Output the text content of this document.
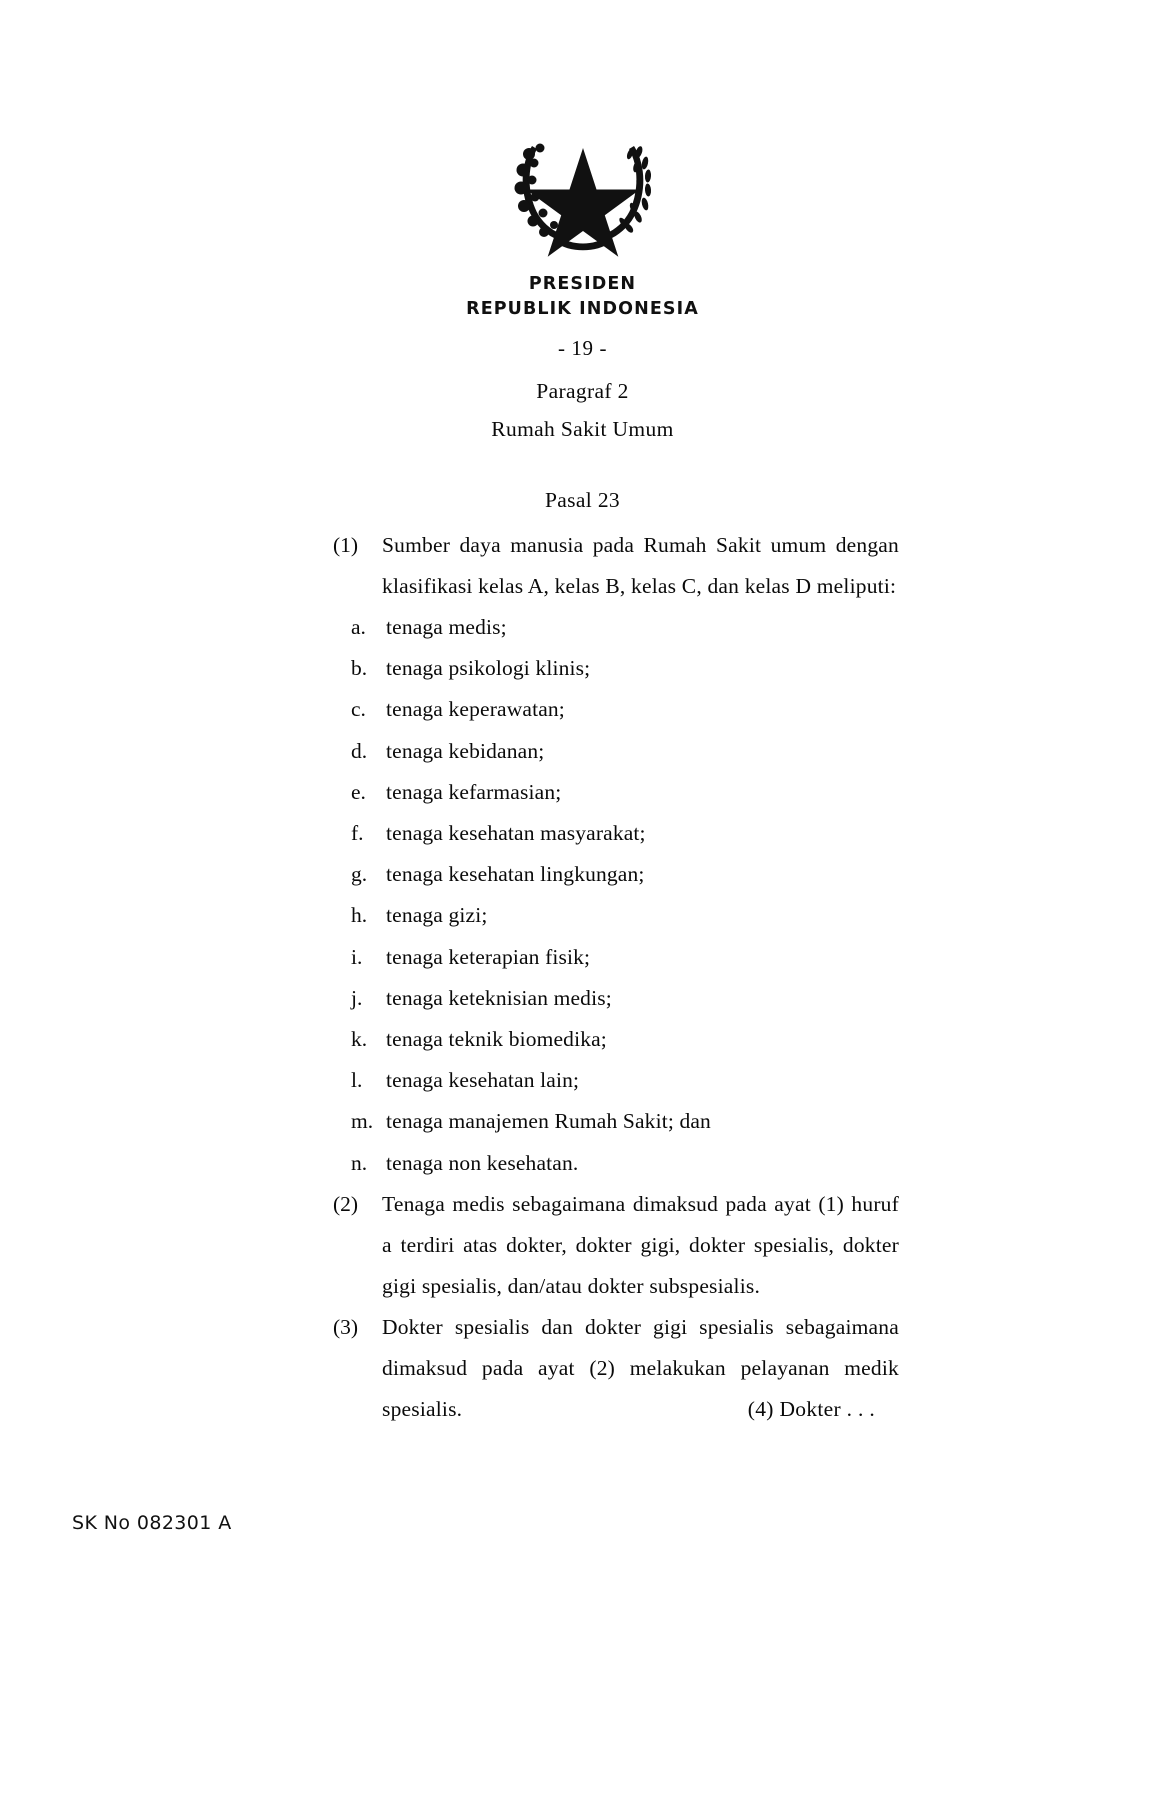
PRESIDEN
REPUBLIK INDONESIA
- 19 -
Paragraf 2
Rumah Sakit Umum
Pasal 23
(1)	Sumber daya manusia pada Rumah Sakit umum dengan klasifikasi kelas A, kelas B, kelas C, dan kelas D meliputi:
a. tenaga medis;
b. tenaga psikologi klinis;
c. tenaga keperawatan;
d. tenaga kebidanan;
e. tenaga kefarmasian;
f.	tenaga kesehatan masyarakat;
g. tenaga kesehatan lingkungan;
h. tenaga gizi;
i.	tenaga keterapian fisik;
j.	tenaga keteknisian medis;
k. tenaga teknik biomedika;
l.	tenaga kesehatan lain;
m. tenaga manajemen Rumah Sakit; dan
n. tenaga non kesehatan.
(2)	Tenaga medis sebagaimana dimaksud pada ayat (1) huruf a terdiri atas dokter, dokter gigi, dokter spesialis, dokter gigi spesialis, dan/atau dokter subspesialis.
(3)	Dokter spesialis dan dokter gigi spesialis sebagaimana dimaksud pada ayat (2) melakukan pelayanan medik spesialis.	(4) Dokter . . .
SK No 082301 A
